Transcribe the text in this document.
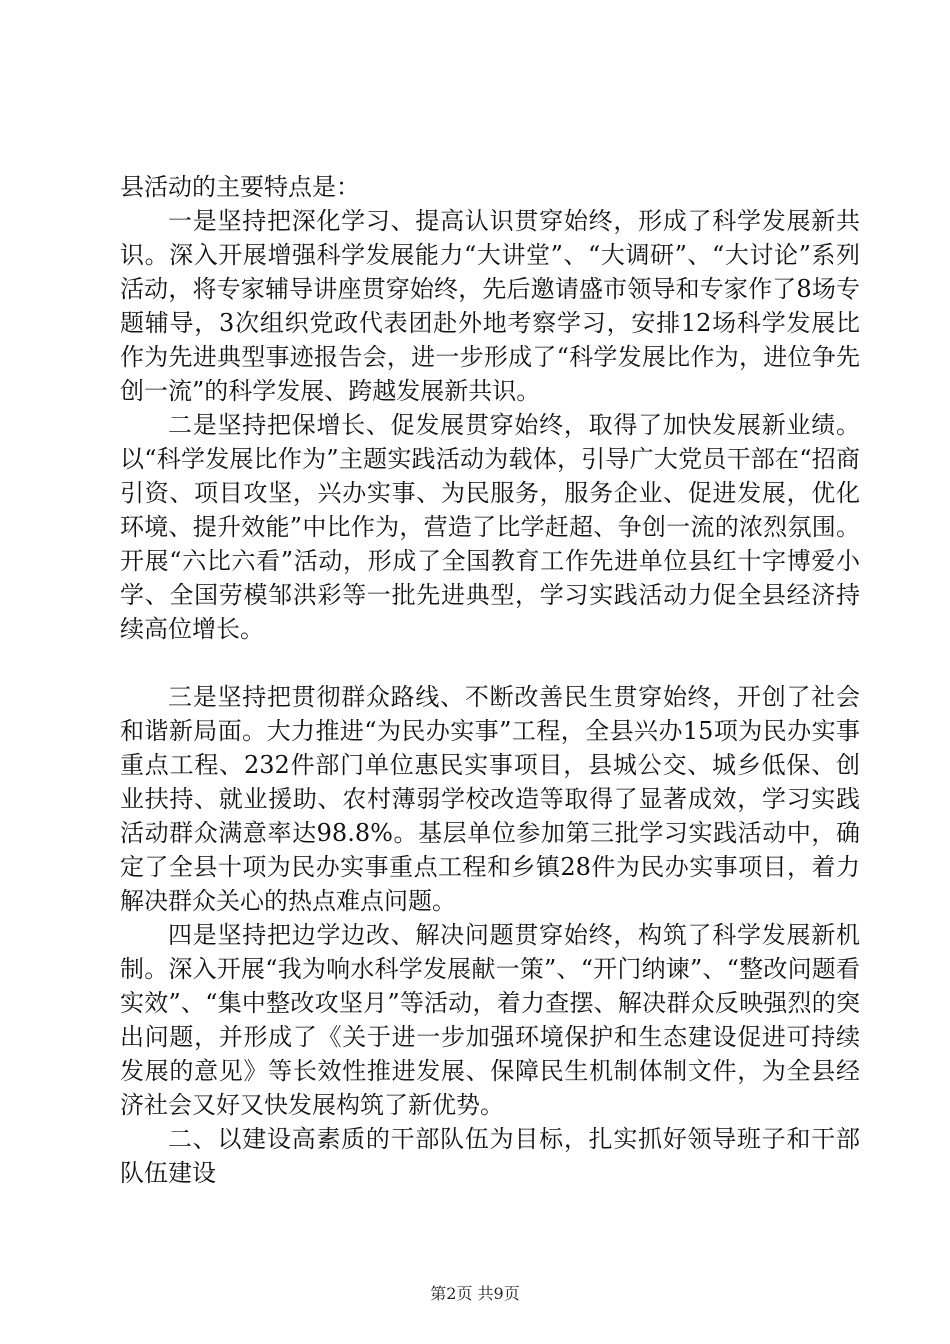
县活动的主要特点是：

一是坚持把深化学习、提高认识贯穿始终，形成了科学发展新共识。深入开展增强科学发展能力“大讲堂”、“大调研”、“大讨论”系列活动，将专家辅导讲座贯穿始终，先后邀请盛市领导和专家作了8场专题辅导，3次组织党政代表团赴外地考察学习，安排12场科学发展比作为先进典型事迹报告会，进一步形成了“科学发展比作为，进位争先创一流”的科学发展、跨越发展新共识。

二是坚持把保增长、促发展贯穿始终，取得了加快发展新业绩。以“科学发展比作为”主题实践活动为载体，引导广大党员干部在“招商引资、项目攻坚，兴办实事、为民服务，服务企业、促进发展，优化环境、提升效能”中比作为，营造了比学赶超、争创一流的浓烈氛围。开展“六比六看”活动，形成了全国教育工作先进单位县红十字博爱小学、全国劳模邹洪彩等一批先进典型，学习实践活动力促全县经济持续高位增长。

三是坚持把贯彻群众路线、不断改善民生贯穿始终，开创了社会和谐新局面。大力推进“为民办实事”工程，全县兴办15项为民办实事重点工程、232件部门单位惠民实事项目，县城公交、城乡低保、创业扶持、就业援助、农村薄弱学校改造等取得了显著成效，学习实践活动群众满意率达98.8%。基层单位参加第三批学习实践活动中，确定了全县十项为民办实事重点工程和乡镇28件为民办实事项目，着力解决群众关心的热点难点问题。

四是坚持把边学边改、解决问题贯穿始终，构筑了科学发展新机制。深入开展“我为响水科学发展献一策”、“开门纳谏”、“整改问题看实效”、“集中整改攻坚月”等活动，着力查摆、解决群众反映强烈的突出问题，并形成了《关于进一步加强环境保护和生态建设促进可持续发展的意见》等长效性推进发展、保障民生机制体制文件，为全县经济社会又好又快发展构筑了新优势。

二、以建设高素质的干部队伍为目标，扎实抓好领导班子和干部队伍建设

第2页 共9页
